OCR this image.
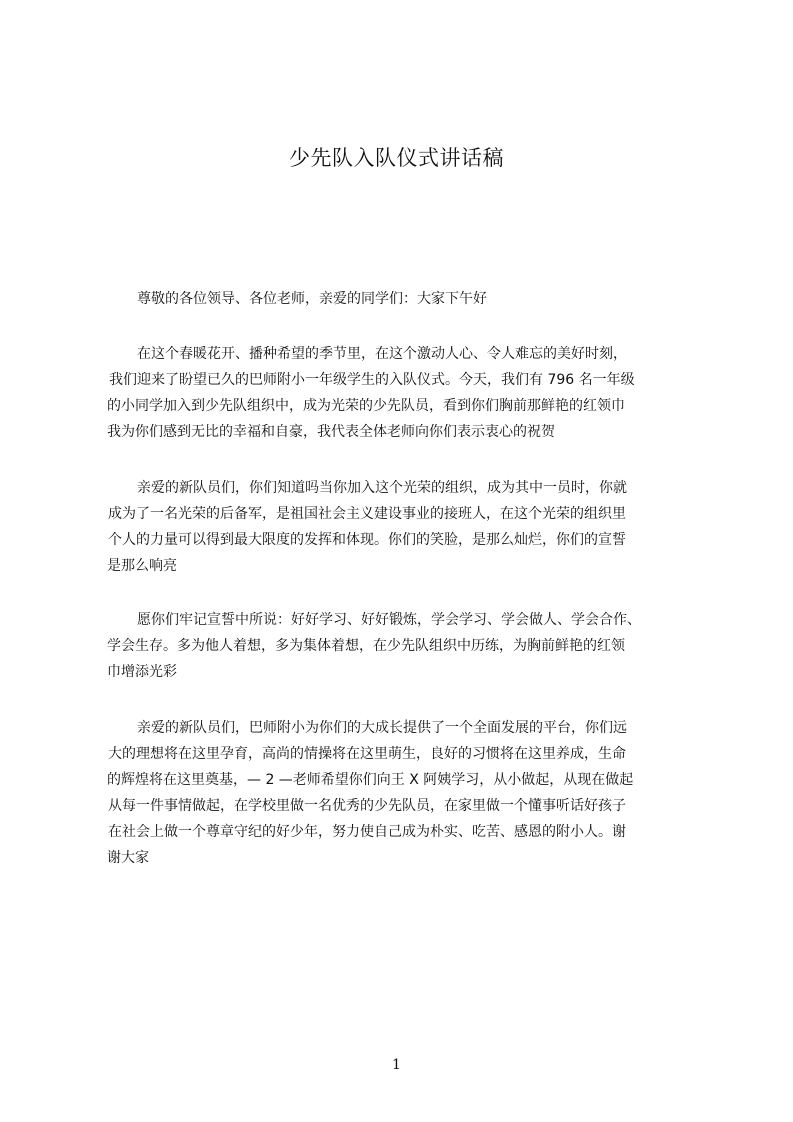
少先队入队仪式讲话稿

尊敬的各位领导、各位老师，亲爱的同学们：大家下午好

在这个春暖花开、播种希望的季节里，在这个激动人心、令人难忘的美好时刻，
我们迎来了盼望已久的巴师附小一年级学生的入队仪式。今天，我们有 796 名一年级
的小同学加入到少先队组织中，成为光荣的少先队员，看到你们胸前那鲜艳的红领巾
我为你们感到无比的幸福和自豪，我代表全体老师向你们表示衷心的祝贺

亲爱的新队员们，你们知道吗当你加入这个光荣的组织，成为其中一员时，你就
成为了一名光荣的后备军，是祖国社会主义建设事业的接班人，在这个光荣的组织里
个人的力量可以得到最大限度的发挥和体现。你们的笑脸，是那么灿烂，你们的宣誓
是那么响亮

愿你们牢记宣誓中所说：好好学习、好好锻炼，学会学习、学会做人、学会合作、
学会生存。多为他人着想，多为集体着想，在少先队组织中历练，为胸前鲜艳的红领
巾增添光彩

亲爱的新队员们，巴师附小为你们的大成长提供了一个全面发展的平台，你们远
大的理想将在这里孕育，高尚的情操将在这里萌生，良好的习惯将在这里养成，生命
的辉煌将在这里奠基，— 2 —老师希望你们向王 X 阿姨学习，从小做起，从现在做起
从每一件事情做起，在学校里做一名优秀的少先队员，在家里做一个懂事听话好孩子
在社会上做一个尊章守纪的好少年，努力使自己成为朴实、吃苦、感恩的附小人。谢
谢大家

1
